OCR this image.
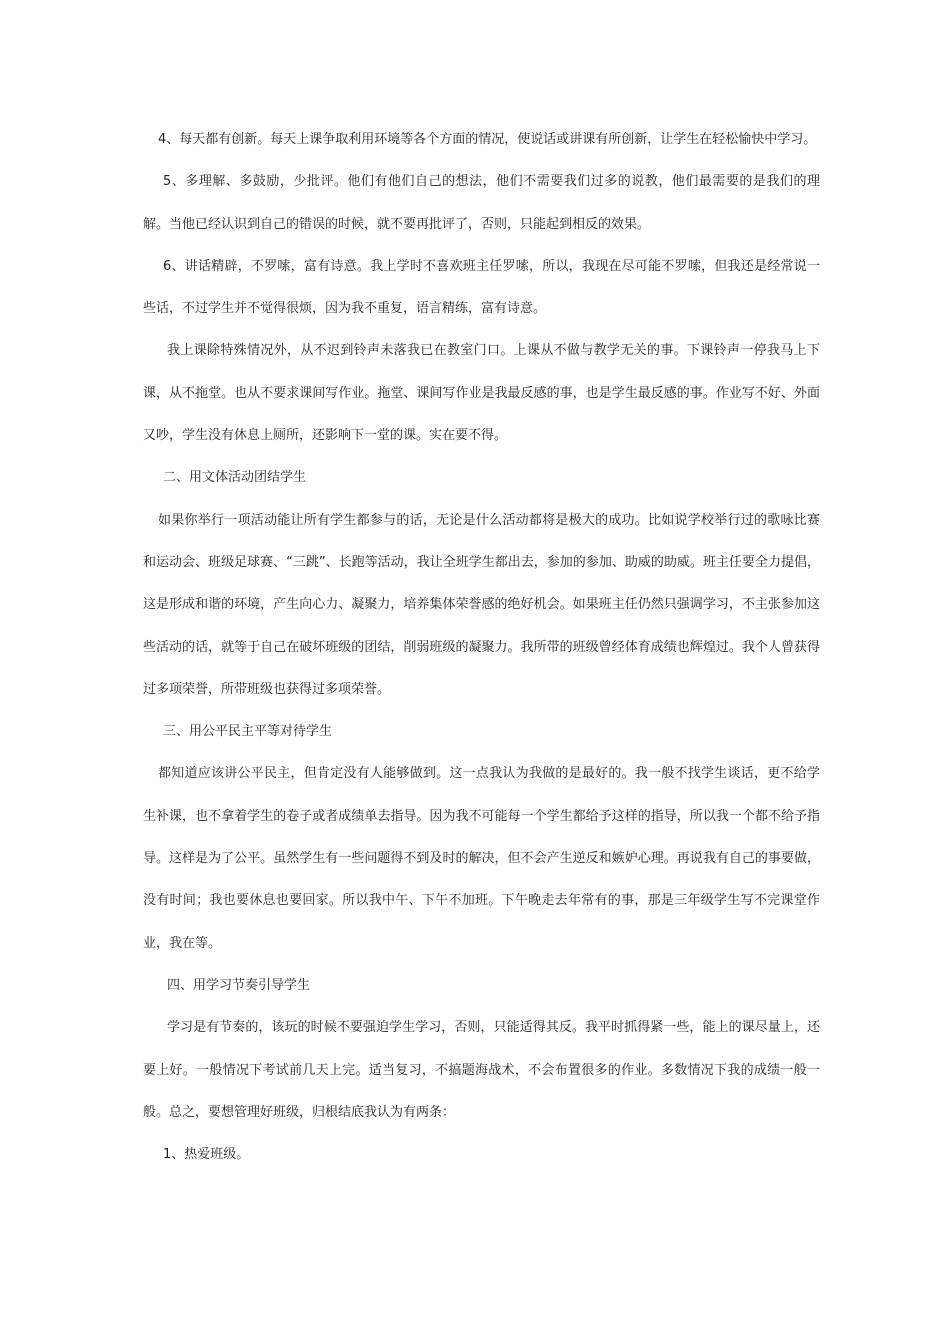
4、每天都有创新。每天上课争取利用环境等各个方面的情况，使说话或讲课有所创新，让学生在轻松愉快中学习。

5、多理解、多鼓励，少批评。他们有他们自己的想法，他们不需要我们过多的说教，他们最需要的是我们的理解。当他已经认识到自己的错误的时候，就不要再批评了，否则，只能起到相反的效果。

6、讲话精辟，不罗嗦，富有诗意。我上学时不喜欢班主任罗嗦，所以，我现在尽可能不罗嗦，但我还是经常说一些话，不过学生并不觉得很烦，因为我不重复，语言精练，富有诗意。

我上课除特殊情况外，从不迟到铃声未落我已在教室门口。上课从不做与教学无关的事。下课铃声一停我马上下课，从不拖堂。也从不要求课间写作业。拖堂、课间写作业是我最反感的事，也是学生最反感的事。作业写不好、外面又吵，学生没有休息上厕所，还影响下一堂的课。实在要不得。

二、用文体活动团结学生

如果你举行一项活动能让所有学生都参与的话，无论是什么活动都将是极大的成功。比如说学校举行过的歌咏比赛和运动会、班级足球赛、“三跳”、长跑等活动，我让全班学生都出去，参加的参加、助威的助威。班主任要全力提倡，这是形成和谐的环境，产生向心力、凝聚力，培养集体荣誉感的绝好机会。如果班主任仍然只强调学习，不主张参加这些活动的话，就等于自己在破坏班级的团结，削弱班级的凝聚力。我所带的班级曾经体育成绩也辉煌过。我个人曾获得过多项荣誉，所带班级也获得过多项荣誉。

三、用公平民主平等对待学生

都知道应该讲公平民主，但肯定没有人能够做到。这一点我认为我做的是最好的。我一般不找学生谈话，更不给学生补课，也不拿着学生的卷子或者成绩单去指导。因为我不可能每一个学生都给予这样的指导，所以我一个都不给予指导。这样是为了公平。虽然学生有一些问题得不到及时的解决，但不会产生逆反和嫉妒心理。再说我有自己的事要做，没有时间；我也要休息也要回家。所以我中午、下午不加班。下午晚走去年常有的事，那是三年级学生写不完课堂作业，我在等。

四、用学习节奏引导学生

学习是有节奏的，该玩的时候不要强迫学生学习，否则，只能适得其反。我平时抓得紧一些，能上的课尽量上，还要上好。一般情况下考试前几天上完。适当复习，不搞题海战术，不会布置很多的作业。多数情况下我的成绩一般一般。总之，要想管理好班级，归根结底我认为有两条：

1、热爱班级。
